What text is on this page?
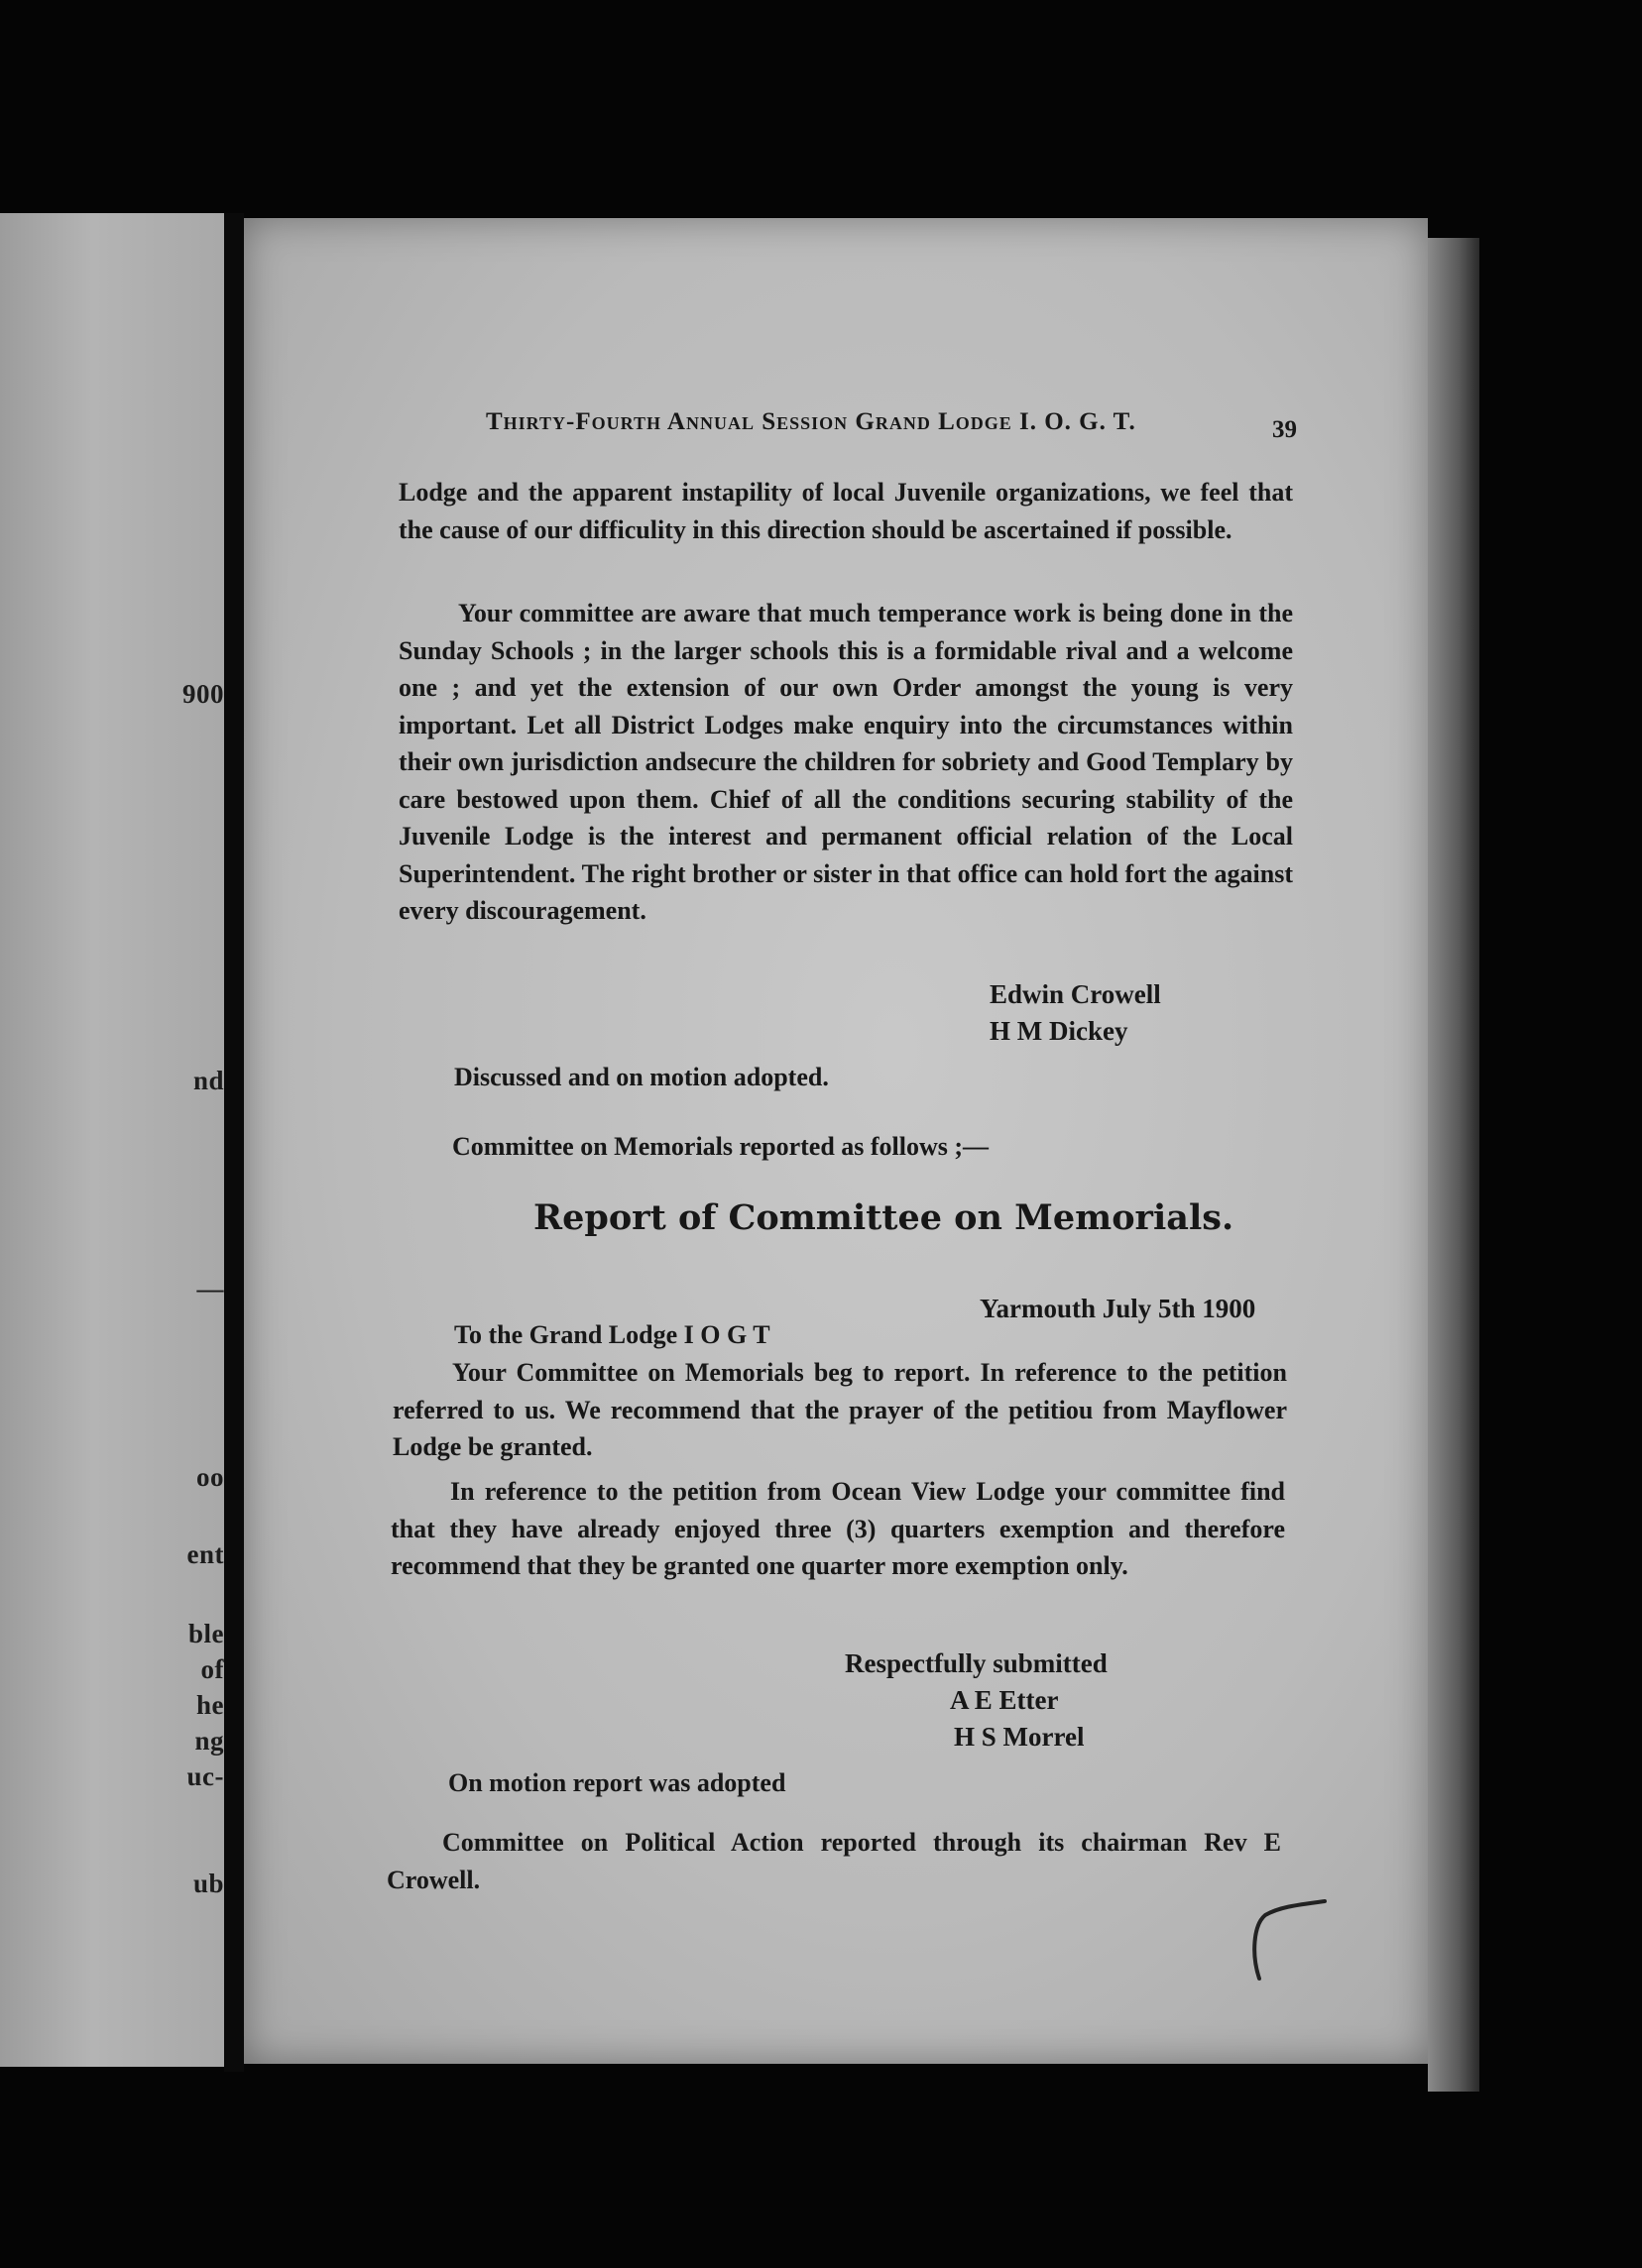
900
nd
—
oo
ent
ble
of
he
ng
uc-
ub
Thirty-Fourth Annual Session Grand Lodge I. O. G. T.	39
Lodge and the apparent instapility of local Juvenile organizations, we feel that the cause of our difficulity in this direction should be ascertained if possible.
Your committee are aware that much temperance work is being done in the Sunday Schools ; in the larger schools this is a formidable rival and a welcome one ; and yet the extension of our own Order amongst the young is very important. Let all District Lodges make enquiry into the circumstances within their own jurisdiction andsecure the children for sobriety and Good Templary by care bestowed upon them. Chief of all the conditions securing stability of the Juvenile Lodge is the interest and permanent official relation of the Local Superintendent. The right brother or sister in that office can hold fort the against every discouragement.
Edwin Crowell
H M Dickey
Discussed and on motion adopted.
Committee on Memorials reported as follows ;—
Report of Committee on Memorials.
Yarmouth July 5th 1900
To the Grand Lodge I O G T
Your Committee on Memorials beg to report. In reference to the petition referred to us. We recommend that the prayer of the petitiou from Mayflower Lodge be granted.
In reference to the petition from Ocean View Lodge your committee find that they have already enjoyed three (3) quarters exemption and therefore recommend that they be granted one quarter more exemption only.
Respectfully submitted
A E Etter
H S Morrel
On motion report was adopted
Committee on Political Action reported through its chairman Rev E Crowell.
